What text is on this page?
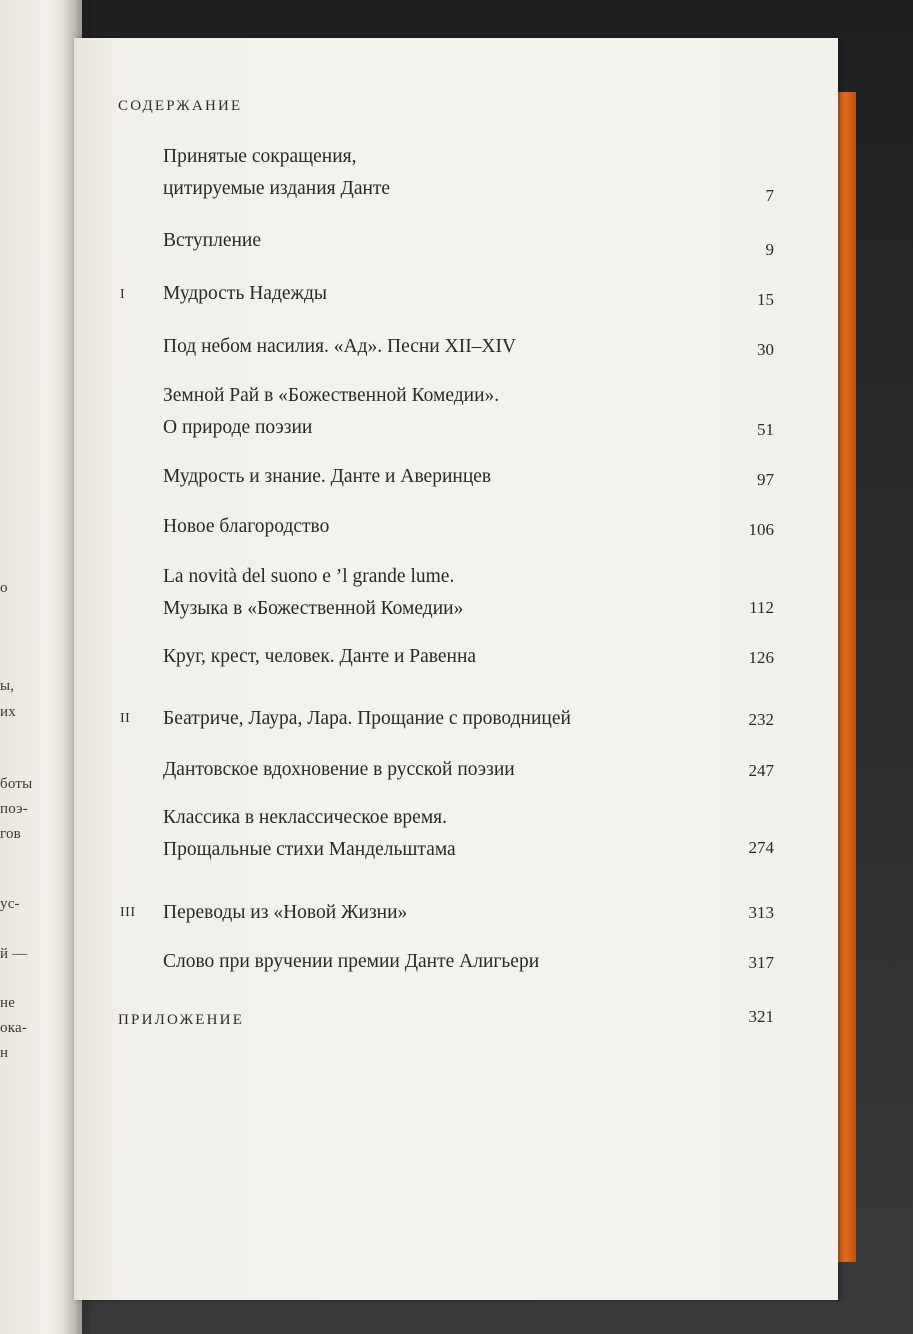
о
ы,
их
боты
поэ-
гов
ус-
й —
не
ока-
н
СОДЕРЖАНИЕ
Принятые сокращения,
цитируемые издания Данте	7
Вступление	9
I Мудрость Надежды	15
Под небом насилия. «Ад». Песни XII–XIV	30
Земной Рай в «Божественной Комедии».
О природе поэзии	51
Мудрость и знание. Данте и Аверинцев	97
Новое благородство	106
La novità del suono e ’l grande lume.
Музыка в «Божественной Комедии»	112
Круг, крест, человек. Данте и Равенна	126
II Беатриче, Лаура, Лара. Прощание с проводницей	232
Дантовское вдохновение в русской поэзии	247
Классика в неклассическое время.
Прощальные стихи Мандельштама	274
III Переводы из «Новой Жизни»	313
Слово при вручении премии Данте Алигьери	317
ПРИЛОЖЕНИЕ	321
